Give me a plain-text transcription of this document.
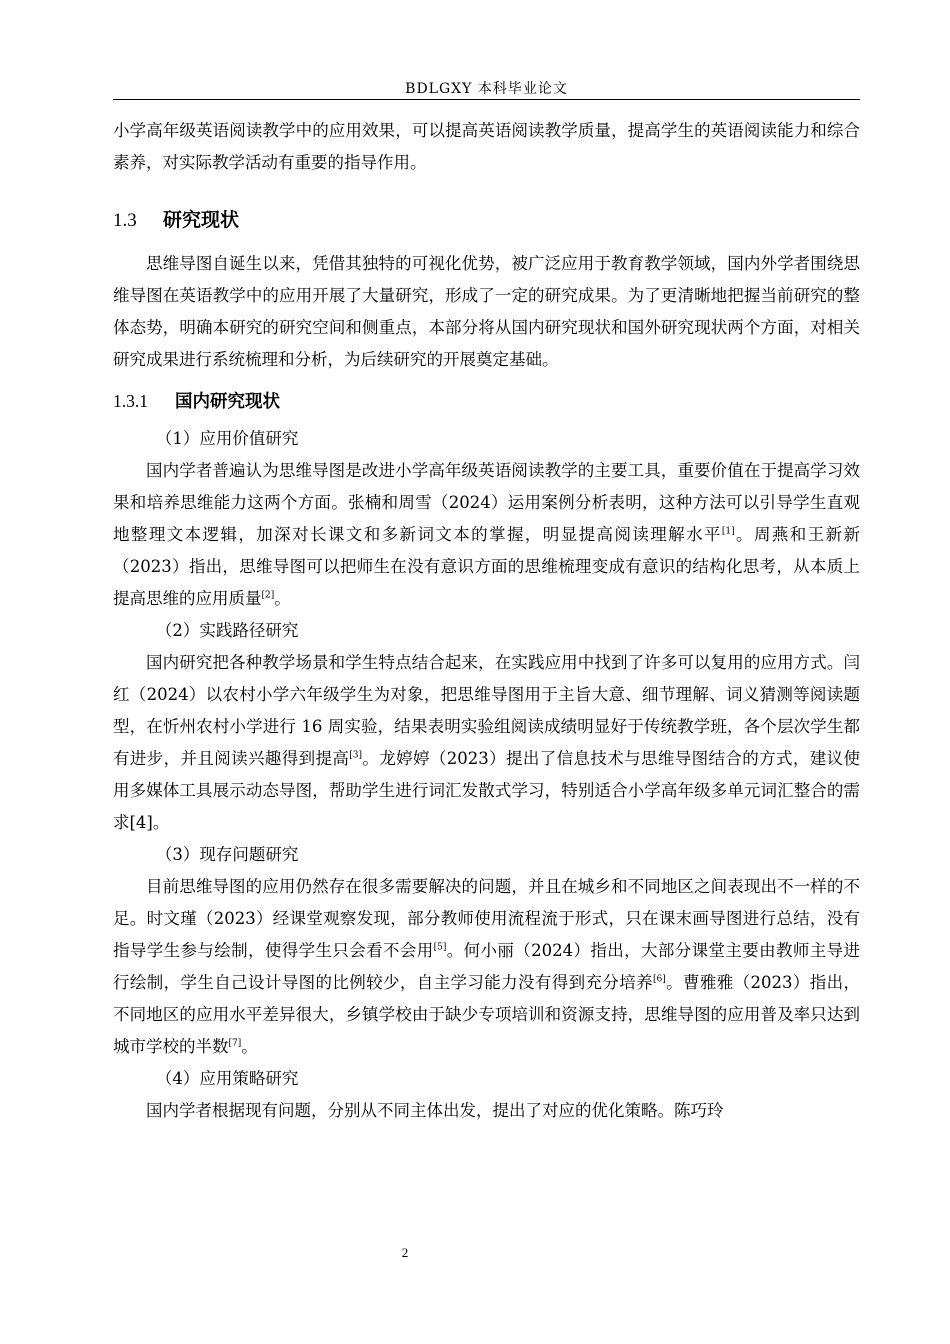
BDLGXY 本科毕业论文

小学高年级英语阅读教学中的应用效果，可以提高英语阅读教学质量，提高学生的英语阅读能力和综合素养，对实际教学活动有重要的指导作用。

1.3 研究现状

思维导图自诞生以来，凭借其独特的可视化优势，被广泛应用于教育教学领域，国内外学者围绕思维导图在英语教学中的应用开展了大量研究，形成了一定的研究成果。为了更清晰地把握当前研究的整体态势，明确本研究的研究空间和侧重点，本部分将从国内研究现状和国外研究现状两个方面，对相关研究成果进行系统梳理和分析，为后续研究的开展奠定基础。

1.3.1 国内研究现状

（1）应用价值研究

国内学者普遍认为思维导图是改进小学高年级英语阅读教学的主要工具，重要价值在于提高学习效果和培养思维能力这两个方面。张楠和周雪（2024）运用案例分析表明，这种方法可以引导学生直观地整理文本逻辑，加深对长课文和多新词文本的掌握，明显提高阅读理解水平[1]。周燕和王新新（2023）指出，思维导图可以把师生在没有意识方面的思维梳理变成有意识的结构化思考，从本质上提高思维的应用质量[2]。

（2）实践路径研究

国内研究把各种教学场景和学生特点结合起来，在实践应用中找到了许多可以复用的应用方式。闫红（2024）以农村小学六年级学生为对象，把思维导图用于主旨大意、细节理解、词义猜测等阅读题型，在忻州农村小学进行 16 周实验，结果表明实验组阅读成绩明显好于传统教学班，各个层次学生都有进步，并且阅读兴趣得到提高[3]。龙婷婷（2023）提出了信息技术与思维导图结合的方式，建议使用多媒体工具展示动态导图，帮助学生进行词汇发散式学习，特别适合小学高年级多单元词汇整合的需求[4]。

（3）现存问题研究

目前思维导图的应用仍然存在很多需要解决的问题，并且在城乡和不同地区之间表现出不一样的不足。时文瑾（2023）经课堂观察发现，部分教师使用流程流于形式，只在课末画导图进行总结，没有指导学生参与绘制，使得学生只会看不会用[5]。何小丽（2024）指出，大部分课堂主要由教师主导进行绘制，学生自己设计导图的比例较少，自主学习能力没有得到充分培养[6]。曹雅雅（2023）指出，不同地区的应用水平差异很大，乡镇学校由于缺少专项培训和资源支持，思维导图的应用普及率只达到城市学校的半数[7]。

（4）应用策略研究

国内学者根据现有问题，分别从不同主体出发，提出了对应的优化策略。陈巧玲

2
